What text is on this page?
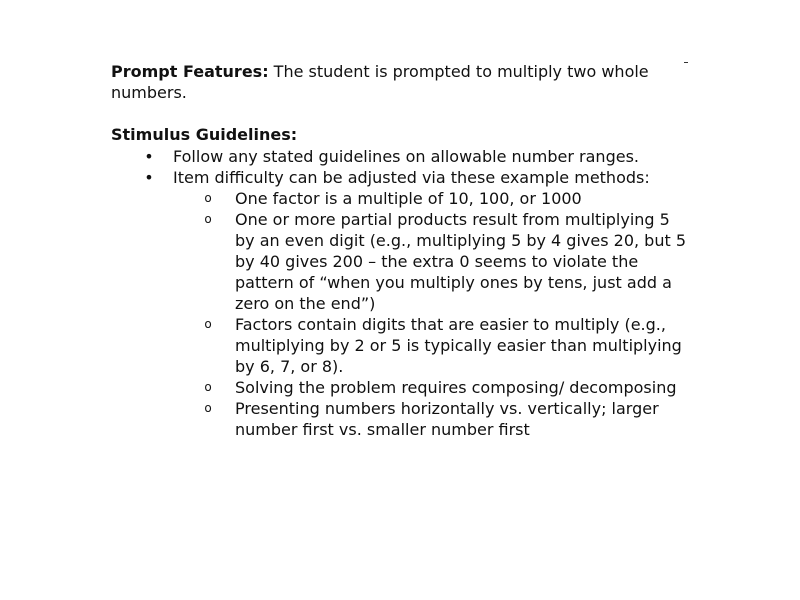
Prompt Features: The student is prompted to multiply two whole numbers.

Stimulus Guidelines:

• Follow any stated guidelines on allowable number ranges.
• Item difficulty can be adjusted via these example methods:
o One factor is a multiple of 10, 100, or 1000
o One or more partial products result from multiplying 5 by an even digit (e.g., multiplying 5 by 4 gives 20, but 5 by 40 gives 200 – the extra 0 seems to violate the pattern of “when you multiply ones by tens, just add a zero on the end”)
o Factors contain digits that are easier to multiply (e.g., multiplying by 2 or 5 is typically easier than multiplying by 6, 7, or 8).
o Solving the problem requires composing/ decomposing
o Presenting numbers horizontally vs. vertically; larger number first vs. smaller number first
